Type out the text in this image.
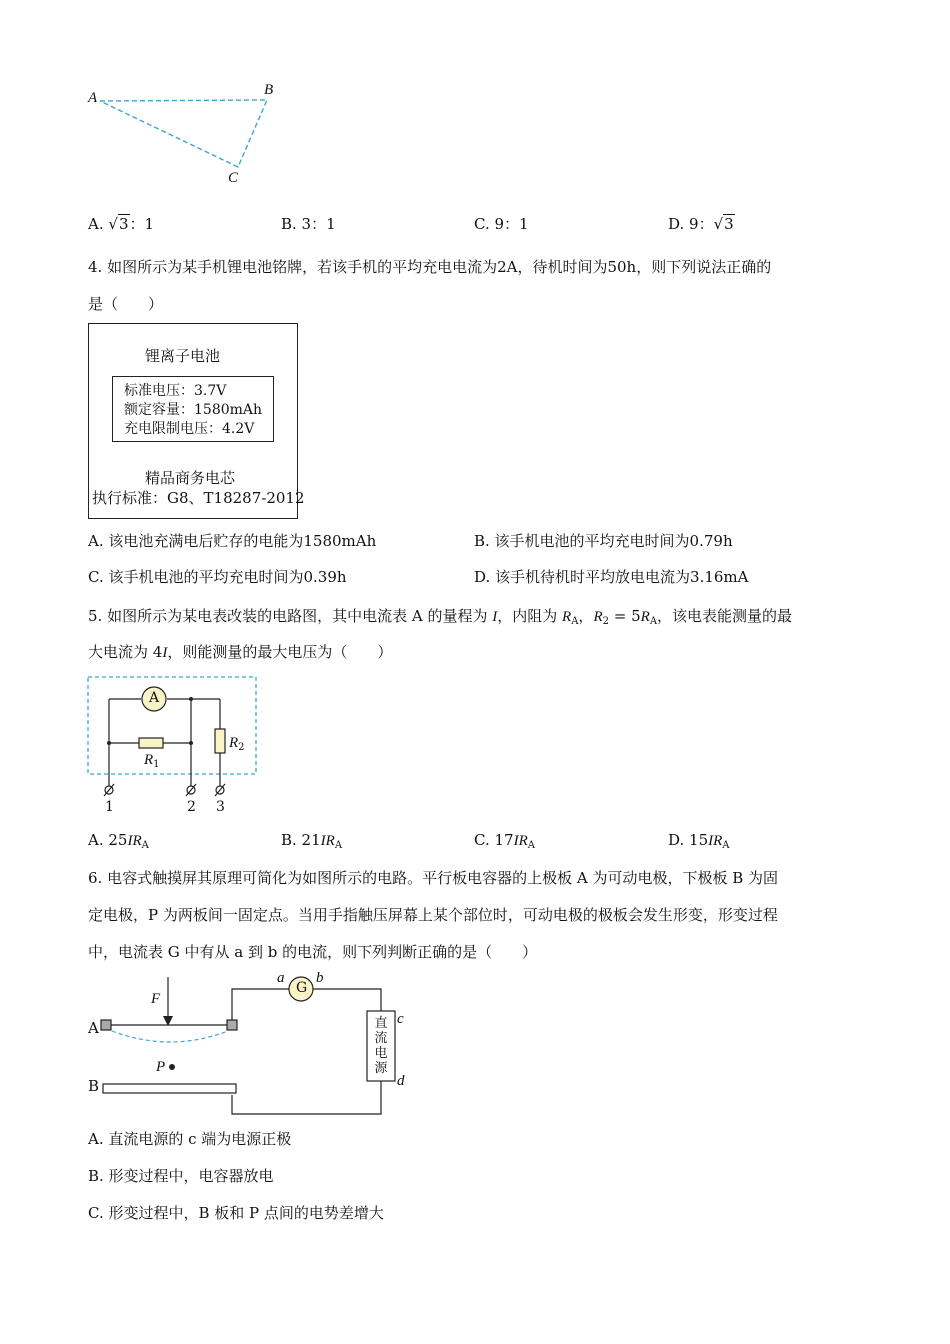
A	B
C
A. √3：1	B. 3：1	C. 9：1	D. 9：√3
4. 如图所示为某手机锂电池铭牌，若该手机的平均充电电流为2A，待机时间为50h，则下列说法正确的
是（　　）
锂离子电池
标准电压：3.7V
额定容量：1580mAh
充电限制电压：4.2V
精品商务电芯
执行标准：G8、T18287-2012
A. 该电池充满电后贮存的电能为1580mAh	B. 该手机电池的平均充电时间为0.79h
C. 该手机电池的平均充电时间为0.39h	D. 该手机待机时平均放电电流为3.16mA
5. 如图所示为某电表改装的电路图，其中电流表 A 的量程为 I，内阻为 $R_A$，$R_2 = 5R_A$，该电表能测量的最
大电流为 4I，则能测量的最大电压为（　　）
A
$R_1$
$R_2$
1	2 3
A. $25IR_A$	B. $21IR_A$	C. $17IR_A$	D. $15IR_A$
6. 电容式触摸屏其原理可简化为如图所示的电路。平行板电容器的上极板 A 为可动电极，下极板 B 为固
定电极，P 为两板间一固定点。当用手指触压屏幕上某个部位时，可动电极的极板会发生形变，形变过程
中，电流表 G 中有从 a 到 b 的电流，则下列判断正确的是（　　）
F
A
B
P
a b
G
c
d
直流电源
A. 直流电源的 c 端为电源正极
B. 形变过程中，电容器放电
C. 形变过程中，B 板和 P 点间的电势差增大
